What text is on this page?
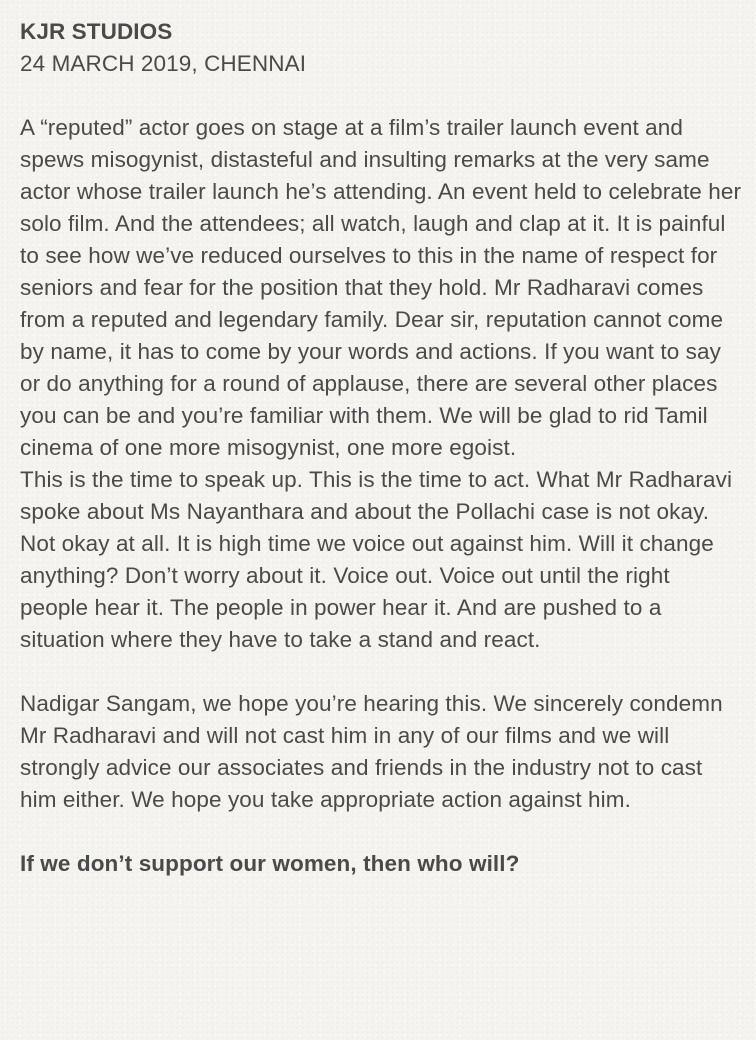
KJR STUDIOS
24 MARCH 2019, CHENNAI

A “reputed” actor goes on stage at a film’s trailer launch event and spews misogynist, distasteful and insulting remarks at the very same actor whose trailer launch he’s attending. An event held to celebrate her solo film. And the attendees; all watch, laugh and clap at it. It is painful to see how we’ve reduced ourselves to this in the name of respect for seniors and fear for the position that they hold. Mr Radharavi comes from a reputed and legendary family. Dear sir, reputation cannot come by name, it has to come by your words and actions. If you want to say or do anything for a round of applause, there are several other places you can be and you’re familiar with them. We will be glad to rid Tamil cinema of one more misogynist, one more egoist.

This is the time to speak up. This is the time to act. What Mr Radharavi spoke about Ms Nayanthara and about the Pollachi case is not okay. Not okay at all. It is high time we voice out against him. Will it change anything? Don’t worry about it. Voice out. Voice out until the right people hear it. The people in power hear it. And are pushed to a situation where they have to take a stand and react.

Nadigar Sangam, we hope you’re hearing this. We sincerely condemn Mr Radharavi and will not cast him in any of our films and we will strongly advice our associates and friends in the industry not to cast him either. We hope you take appropriate action against him.

If we don’t support our women, then who will?
